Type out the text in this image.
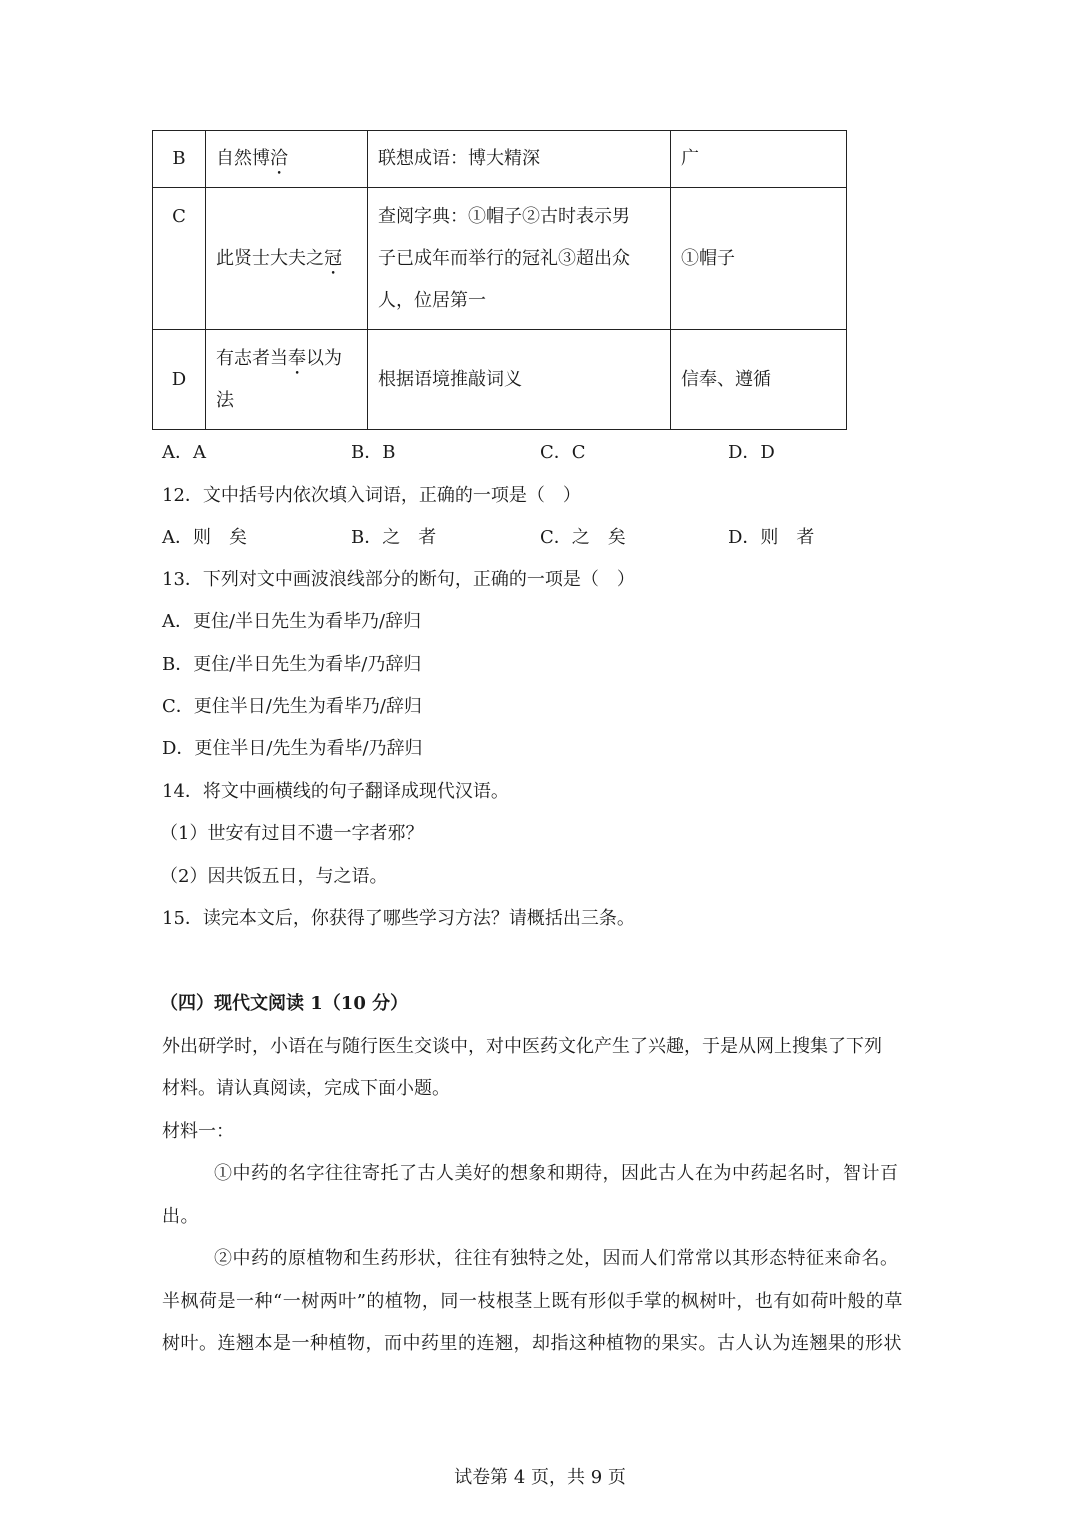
B	自然博洽	联想成语：博大精深	广
C	此贤士大夫之冠	查阅字典：①帽子②古时表示男
子已成年而举行的冠礼③超出众
人，位居第一	①帽子
D	有志者当奉以为
法	根据语境推敲词义	信奉、遵循
A．A	B．B	C．C	D．D
12．文中括号内依次填入词语，正确的一项是（　）
A．则　矣	B．之　者	C．之　矣	D．则　者
13．下列对文中画波浪线部分的断句，正确的一项是（　）
A．更住/半日先生为看毕乃/辞归
B．更住/半日先生为看毕/乃辞归
C．更住半日/先生为看毕乃/辞归
D．更住半日/先生为看毕/乃辞归
14．将文中画横线的句子翻译成现代汉语。
（1）世安有过目不遗一字者邪？
（2）因共饭五日，与之语。
15．读完本文后，你获得了哪些学习方法？请概括出三条。
（四）现代文阅读 1（10 分）
外出研学时，小语在与随行医生交谈中，对中医药文化产生了兴趣，于是从网上搜集了下列
材料。请认真阅读，完成下面小题。
材料一：
①中药的名字往往寄托了古人美好的想象和期待，因此古人在为中药起名时，智计百
出。
②中药的原植物和生药形状，往往有独特之处，因而人们常常以其形态特征来命名。
半枫荷是一种“一树两叶”的植物，同一枝根茎上既有形似手掌的枫树叶，也有如荷叶般的草
树叶。连翘本是一种植物，而中药里的连翘，却指这种植物的果实。古人认为连翘果的形状
试卷第 4 页，共 9 页
